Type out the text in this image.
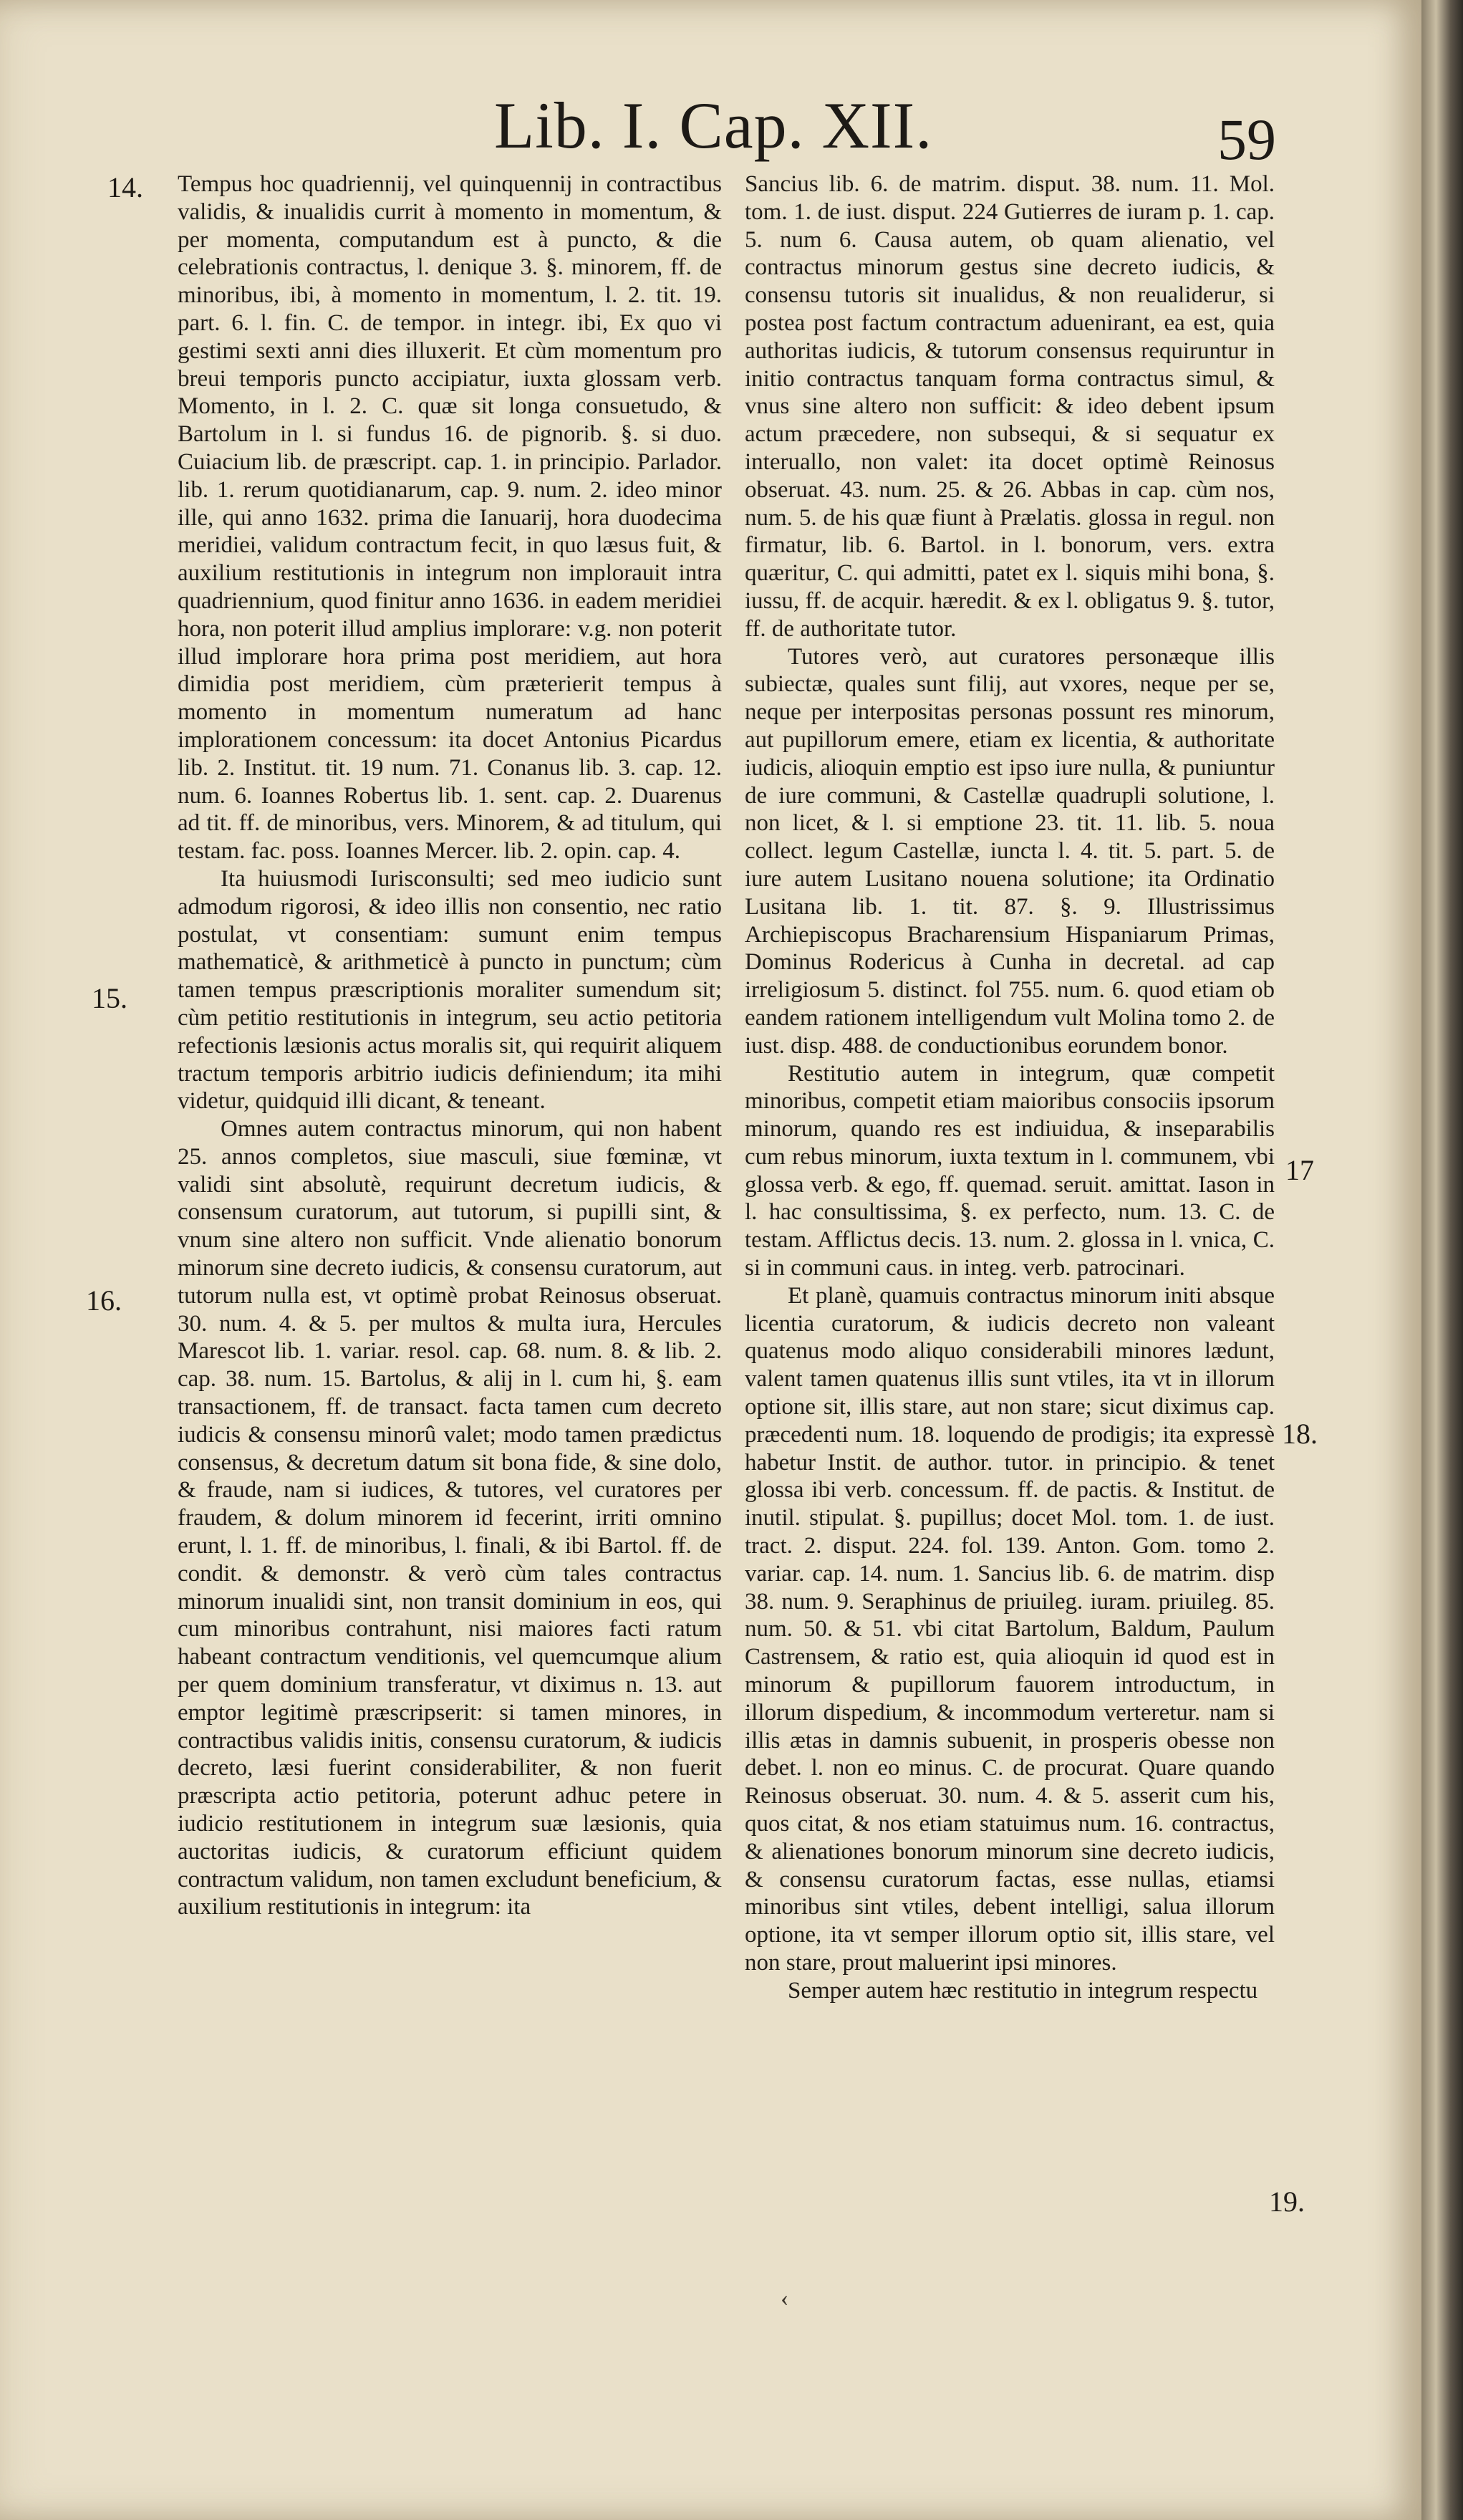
Lib. I. Cap. XII.	59
14.
15.
16.
17
18.
19.

Tempus hoc quadriennij, vel quinquennij in contractibus validis, & inualidis currit à momento in momentum, & per momenta, computandum est à puncto, & die celebrationis contractus, l. denique 3. §. minorem, ff. de minoribus, ibi, à momento in momentum, l. 2. tit. 19. part. 6. l. fin. C. de tempor. in integr. ibi, Ex quo vi gestimi sexti anni dies illuxerit. Et cùm momentum pro breui temporis puncto accipiatur, iuxta glossam verb. Momento, in l. 2. C. quæ sit longa consuetudo, & Bartolum in l. si fundus 16. de pignorib. §. si duo. Cuiacium lib. de præscript. cap. 1. in principio. Parlador. lib. 1. rerum quotidianarum, cap. 9. num. 2. ideo minor ille, qui anno 1632. prima die Ianuarij, hora duodecima meridiei, validum contractum fecit, in quo læsus fuit, & auxilium restitutionis in integrum non implorauit intra quadriennium, quod finitur anno 1636. in eadem meridiei hora, non poterit illud amplius implorare: v.g. non poterit illud implorare hora prima post meridiem, aut hora dimidia post meridiem, cùm præterierit tempus à momento in momentum numeratum ad hanc implorationem concessum: ita docet Antonius Picardus lib. 2. Institut. tit. 19 num. 71. Conanus lib. 3. cap. 12. num. 6. Ioannes Robertus lib. 1. sent. cap. 2. Duarenus ad tit. ff. de minoribus, vers. Minorem, & ad titulum, qui testam. fac. poss. Ioannes Mercer. lib. 2. opin. cap. 4.

Ita huiusmodi Iurisconsulti; sed meo iudicio sunt admodum rigorosi, & ideo illis non consentio, nec ratio postulat, vt consentiam: sumunt enim tempus mathematicè, & arithmeticè à puncto in punctum; cùm tamen tempus præscriptionis moraliter sumendum sit; cùm petitio restitutionis in integrum, seu actio petitoria refectionis læsionis actus moralis sit, qui requirit aliquem tractum temporis arbitrio iudicis definiendum; ita mihi videtur, quidquid illi dicant, & teneant.

Omnes autem contractus minorum, qui non habent 25. annos completos, siue masculi, siue fœminæ, vt validi sint absolutè, requirunt decretum iudicis, & consensum curatorum, aut tutorum, si pupilli sint, & vnum sine altero non sufficit. Vnde alienatio bonorum minorum sine decreto iudicis, & consensu curatorum, aut tutorum nulla est, vt optimè probat Reinosus obseruat. 30. num. 4. & 5. per multos & multa iura, Hercules Marescot lib. 1. variar. resol. cap. 68. num. 8. & lib. 2. cap. 38. num. 15. Bartolus, & alij in l. cum hi, §. eam transactionem, ff. de transact. facta tamen cum decreto iudicis & consensu minorû valet; modo tamen prædictus consensus, & decretum datum sit bona fide, & sine dolo, & fraude, nam si iudices, & tutores, vel curatores per fraudem, & dolum minorem id fecerint, irriti omnino erunt, l. 1. ff. de minoribus, l. finali, & ibi Bartol. ff. de condit. & demonstr. & verò cùm tales contractus minorum inualidi sint, non transit dominium in eos, qui cum minoribus contrahunt, nisi maiores facti ratum habeant contractum venditionis, vel quemcumque alium per quem dominium transferatur, vt diximus n. 13. aut emptor legitimè præscripserit: si tamen minores, in contractibus validis initis, consensu curatorum, & iudicis decreto, læsi fuerint considerabiliter, & non fuerit præscripta actio petitoria, poterunt adhuc petere in iudicio restitutionem in integrum suæ læsionis, quia auctoritas iudicis, & curatorum efficiunt quidem contractum validum, non tamen excludunt beneficium, & auxilium restitutionis in integrum: ita

Sancius lib. 6. de matrim. disput. 38. num. 11. Mol. tom. 1. de iust. disput. 224 Gutierres de iuram p. 1. cap. 5. num 6. Causa autem, ob quam alienatio, vel contractus minorum gestus sine decreto iudicis, & consensu tutoris sit inualidus, & non reualiderur, si postea post factum contractum aduenirant, ea est, quia authoritas iudicis, & tutorum consensus requiruntur in initio contractus tanquam forma contractus simul, & vnus sine altero non sufficit: & ideo debent ipsum actum præcedere, non subsequi, & si sequatur ex interuallo, non valet: ita docet optimè Reinosus obseruat. 43. num. 25. & 26. Abbas in cap. cùm nos, num. 5. de his quæ fiunt à Prælatis. glossa in regul. non firmatur, lib. 6. Bartol. in l. bonorum, vers. extra quæritur, C. qui admitti, patet ex l. siquis mihi bona, §. iussu, ff. de acquir. hæredit. & ex l. obligatus 9. §. tutor, ff. de authoritate tutor.

Tutores verò, aut curatores personæque illis subiectæ, quales sunt filij, aut vxores, neque per se, neque per interpositas personas possunt res minorum, aut pupillorum emere, etiam ex licentia, & authoritate iudicis, alioquin emptio est ipso iure nulla, & puniuntur de iure communi, & Castellæ quadrupli solutione, l. non licet, & l. si emptione 23. tit. 11. lib. 5. noua collect. legum Castellæ, iuncta l. 4. tit. 5. part. 5. de iure autem Lusitano nouena solutione; ita Ordinatio Lusitana lib. 1. tit. 87. §. 9. Illustrissimus Archiepiscopus Bracharensium Hispaniarum Primas, Dominus Rodericus à Cunha in decretal. ad cap irreligiosum 5. distinct. fol 755. num. 6. quod etiam ob eandem rationem intelligendum vult Molina tomo 2. de iust. disp. 488. de conductionibus eorundem bonor.

Restitutio autem in integrum, quæ competit minoribus, competit etiam maioribus consociis ipsorum minorum, quando res est indiuidua, & inseparabilis cum rebus minorum, iuxta textum in l. communem, vbi glossa verb. & ego, ff. quemad. seruit. amittat. Iason in l. hac consultissima, §. ex perfecto, num. 13. C. de testam. Afflictus decis. 13. num. 2. glossa in l. vnica, C. si in communi caus. in integ. verb. patrocinari.

Et planè, quamuis contractus minorum initi absque licentia curatorum, & iudicis decreto non valeant quatenus modo aliquo considerabili minores lædunt, valent tamen quatenus illis sunt vtiles, ita vt in illorum optione sit, illis stare, aut non stare; sicut diximus cap. præcedenti num. 18. loquendo de prodigis; ita expressè habetur Instit. de author. tutor. in principio. & tenet glossa ibi verb. concessum. ff. de pactis. & Institut. de inutil. stipulat. §. pupillus; docet Mol. tom. 1. de iust. tract. 2. disput. 224. fol. 139. Anton. Gom. tomo 2. variar. cap. 14. num. 1. Sancius lib. 6. de matrim. disp 38. num. 9. Seraphinus de priuileg. iuram. priuileg. 85. num. 50. & 51. vbi citat Bartolum, Baldum, Paulum Castrensem, & ratio est, quia alioquin id quod est in minorum & pupillorum fauorem introductum, in illorum dispedium, & incommodum verteretur. nam si illis ætas in damnis subuenit, in prosperis obesse non debet. l. non eo minus. C. de procurat. Quare quando Reinosus obseruat. 30. num. 4. & 5. asserit cum his, quos citat, & nos etiam statuimus num. 16. contractus, & alienationes bonorum minorum sine decreto iudicis, & consensu curatorum factas, esse nullas, etiamsi minoribus sint vtiles, debent intelligi, salua illorum optione, ita vt semper illorum optio sit, illis stare, vel non stare, prout maluerint ipsi minores.

Semper autem hæc restitutio in integrum respectu

‹
